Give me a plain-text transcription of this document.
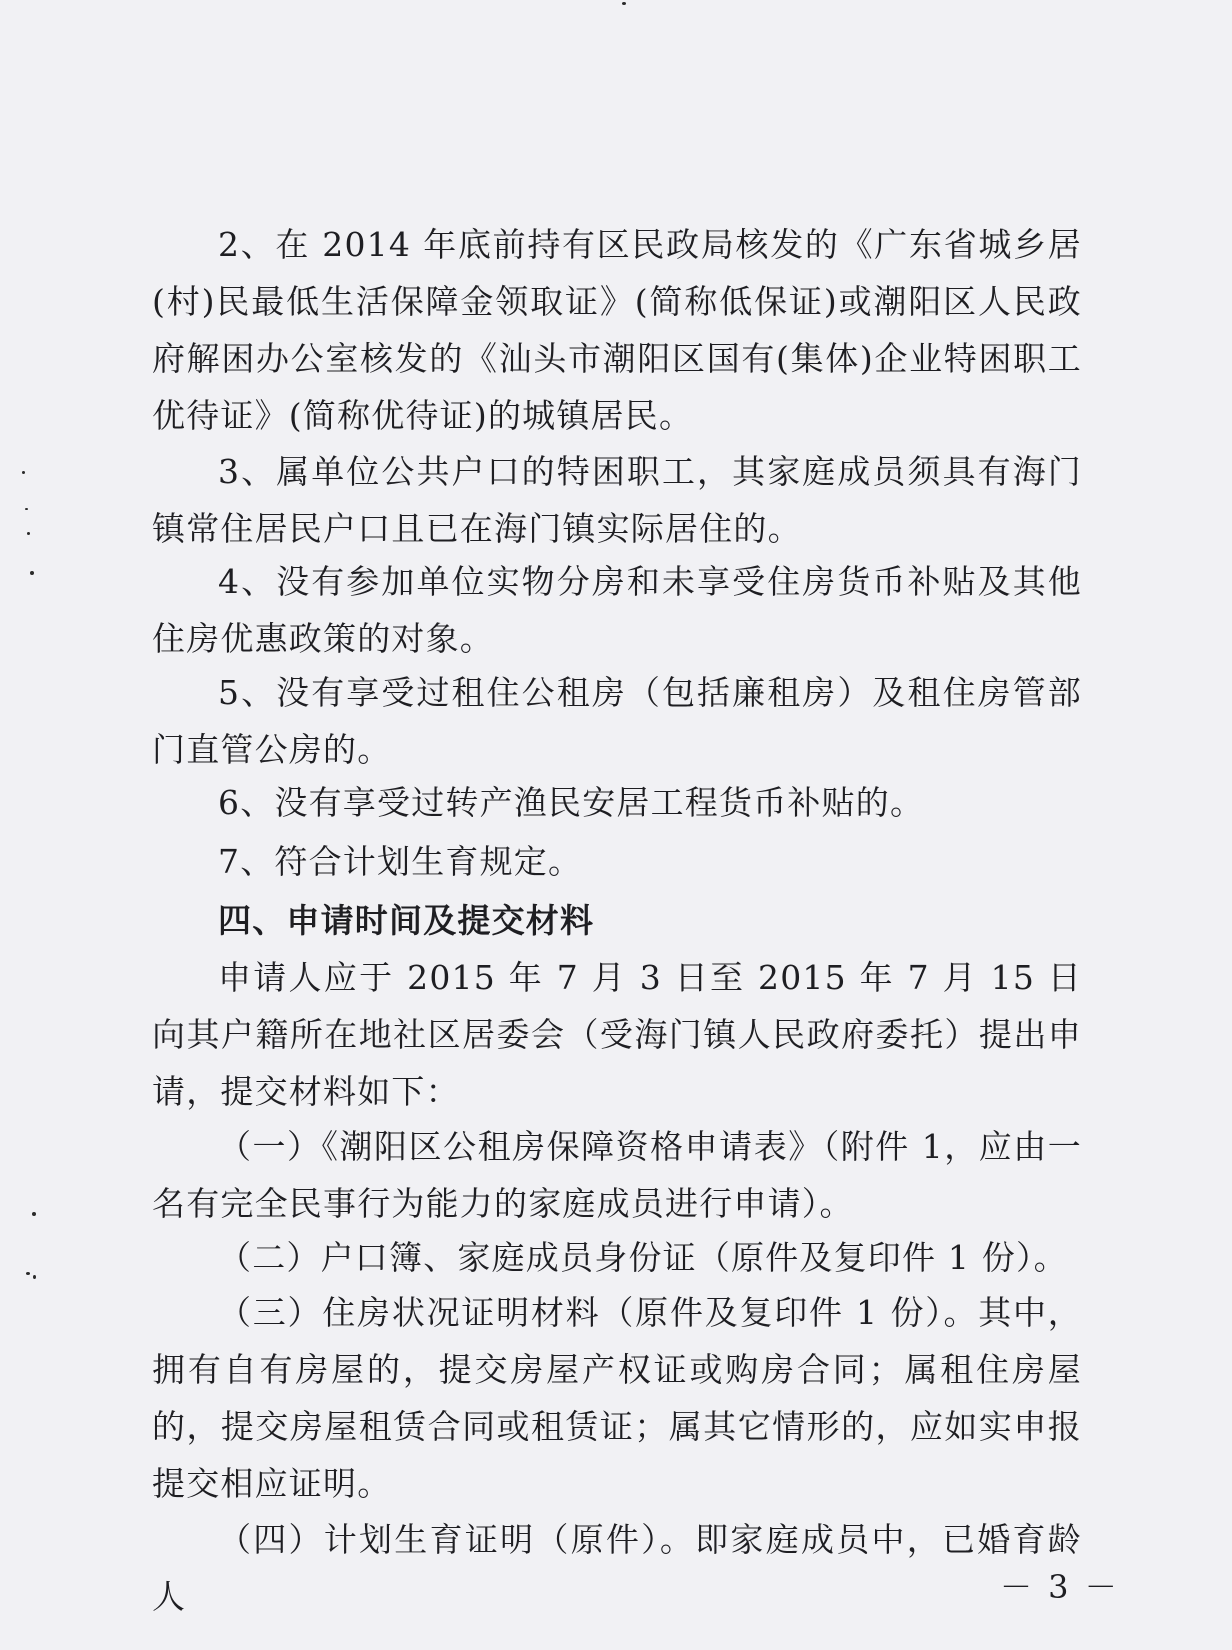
2、在 2014 年底前持有区民政局核发的《广东省城乡居(村)民最低生活保障金领取证》(简称低保证)或潮阳区人民政府解困办公室核发的《汕头市潮阳区国有(集体)企业特困职工优待证》(简称优待证)的城镇居民。

3、属单位公共户口的特困职工，其家庭成员须具有海门镇常住居民户口且已在海门镇实际居住的。

4、没有参加单位实物分房和未享受住房货币补贴及其他住房优惠政策的对象。

5、没有享受过租住公租房（包括廉租房）及租住房管部门直管公房的。

6、没有享受过转产渔民安居工程货币补贴的。

7、符合计划生育规定。

四、申请时间及提交材料

申请人应于 2015 年 7 月 3 日至 2015 年 7 月 15 日向其户籍所在地社区居委会（受海门镇人民政府委托）提出申请，提交材料如下：

（一）《潮阳区公租房保障资格申请表》（附件 1，应由一名有完全民事行为能力的家庭成员进行申请）。

（二）户口簿、家庭成员身份证（原件及复印件 1 份）。

（三）住房状况证明材料（原件及复印件 1 份）。其中，拥有自有房屋的，提交房屋产权证或购房合同；属租住房屋的，提交房屋租赁合同或租赁证；属其它情形的，应如实申报提交相应证明。

（四）计划生育证明（原件）。即家庭成员中，已婚育龄人	－ 3 －
